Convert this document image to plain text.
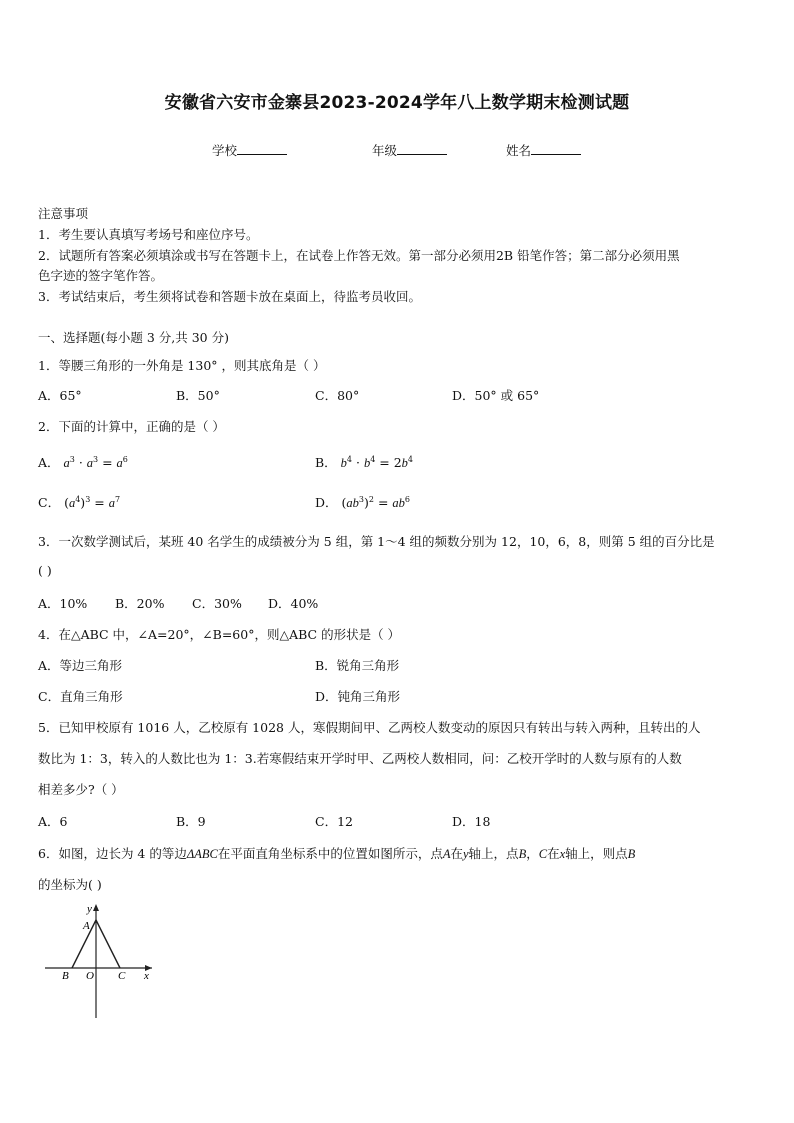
安徽省六安市金寨县2023-2024学年八上数学期末检测试题
学校	年级	姓名
注意事项
1．考生要认真填写考场号和座位序号。
2．试题所有答案必须填涂或书写在答题卡上，在试卷上作答无效。第一部分必须用2B 铅笔作答；第二部分必须用黑
色字迹的签字笔作答。
3．考试结束后，考生须将试卷和答题卡放在桌面上，待监考员收回。
一、选择题(每小题 3 分,共 30 分)
1．等腰三角形的一外角是 130° ，则其底角是（ ）
A．65°	B．50°	C．80°	D．50° 或 65°
2．下面的计算中，正确的是（ ）
A． $a^3 \cdot a^3 = a^6$	B． $b^4 \cdot b^4 = 2b^4$
C． $(a^4)^3 = a^7$	D． $(ab^3)^2 = ab^6$
3．一次数学测试后，某班 40 名学生的成绩被分为 5 组，第 1～4 组的频数分别为 12，10，6，8，则第 5 组的百分比是
( )
A．10% B．20% C．30% D．40%
4．在△ABC 中，∠A=20°，∠B=60°，则△ABC 的形状是（ ）
A．等边三角形	B．锐角三角形
C．直角三角形	D．钝角三角形
5．已知甲校原有 1016 人，乙校原有 1028 人，寒假期间甲、乙两校人数变动的原因只有转出与转入两种，且转出的人
数比为 1：3，转入的人数比也为 1：3.若寒假结束开学时甲、乙两校人数相同，问：乙校开学时的人数与原有的人数
相差多少?（ ）
A．6	B．9	C．12	D．18
6．如图，边长为 4 的等边ΔABC在平面直角坐标系中的位置如图所示，点A在y轴上，点B，C在x轴上，则点B
的坐标为( )
y
A
B O C x
